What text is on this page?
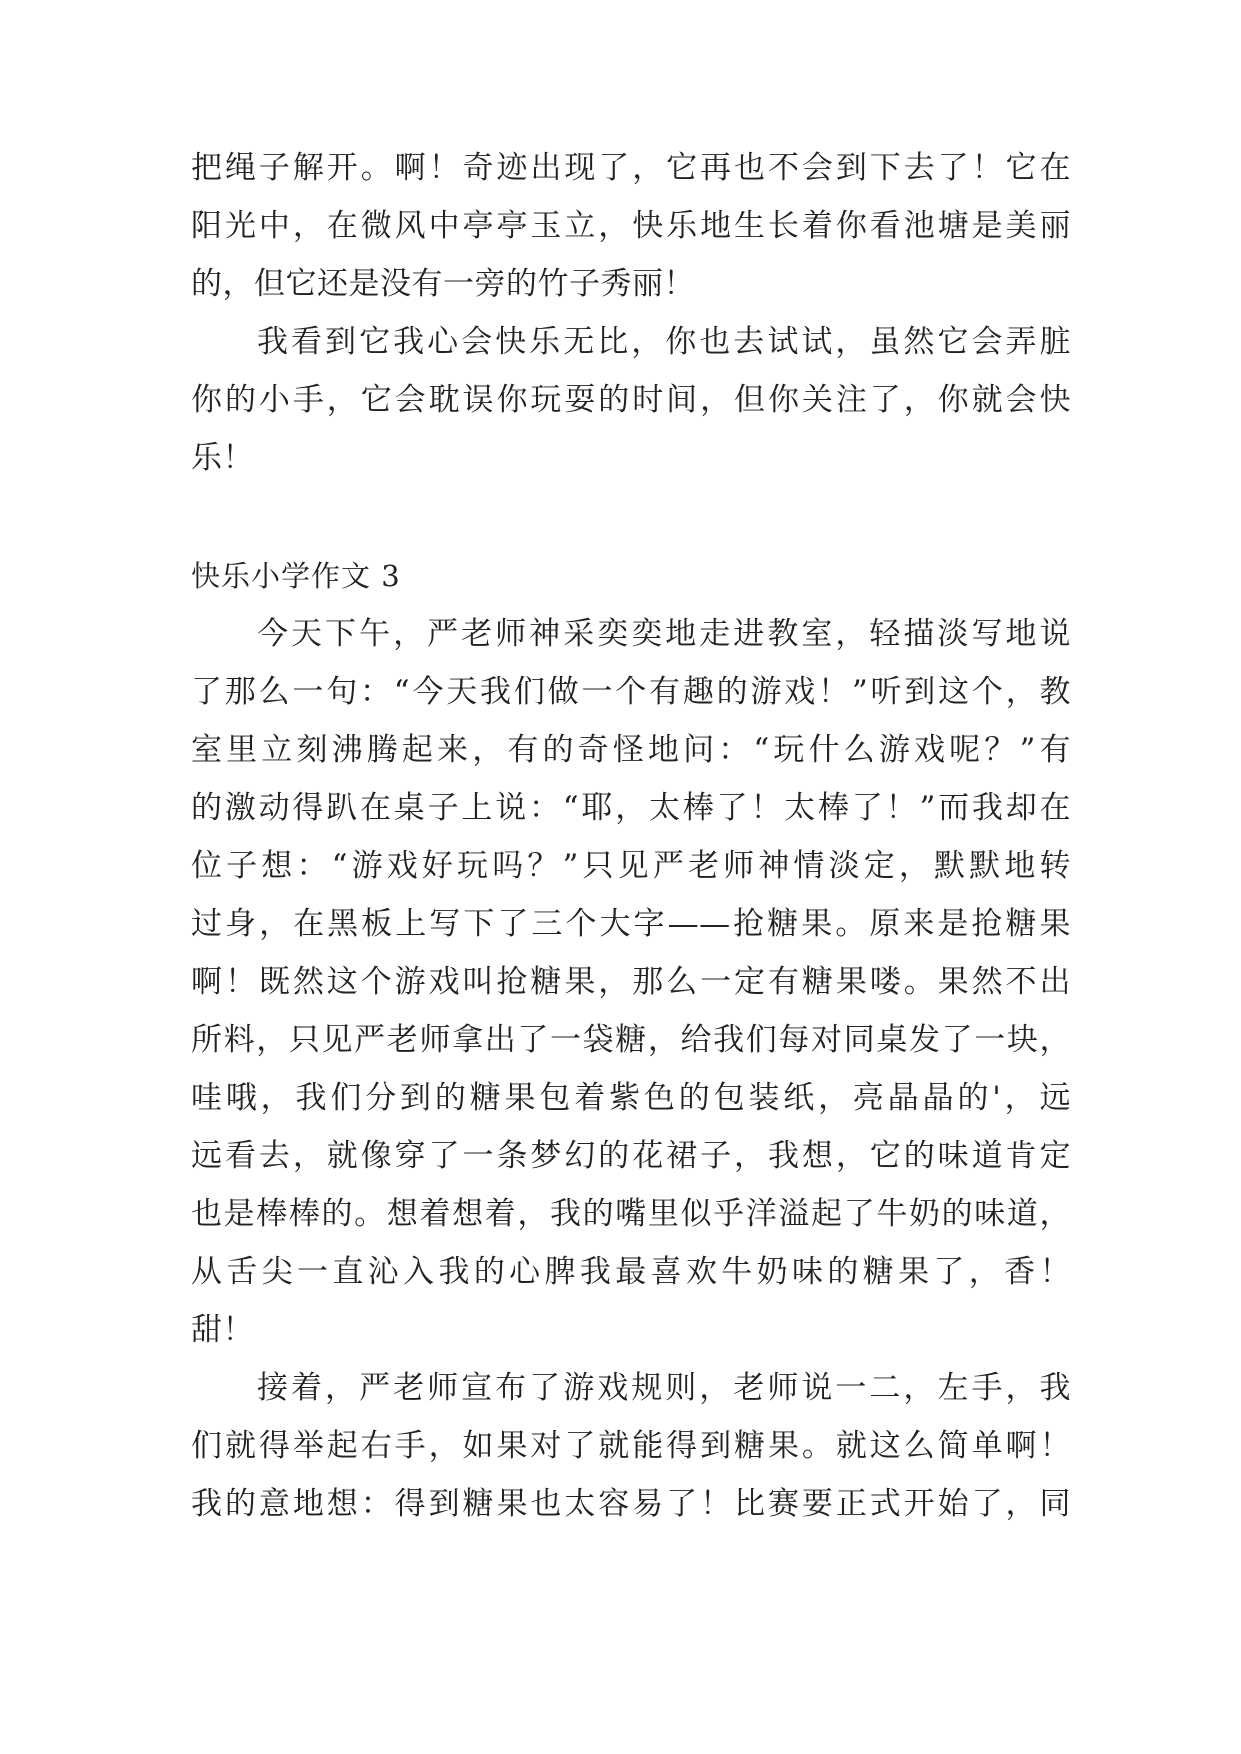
把绳子解开。啊！奇迹出现了，它再也不会到下去了！它在
阳光中，在微风中亭亭玉立，快乐地生长着你看池塘是美丽
的，但它还是没有一旁的竹子秀丽！
我看到它我心会快乐无比，你也去试试，虽然它会弄脏
你的小手，它会耽误你玩耍的时间，但你关注了，你就会快
乐！
快乐小学作文 3
今天下午，严老师神采奕奕地走进教室，轻描淡写地说
了那么一句：“今天我们做一个有趣的游戏！”听到这个，教
室里立刻沸腾起来，有的奇怪地问：“玩什么游戏呢？”有
的激动得趴在桌子上说：“耶，太棒了！太棒了！”而我却在
位子想：“游戏好玩吗？”只见严老师神情淡定，默默地转
过身，在黑板上写下了三个大字——抢糖果。原来是抢糖果
啊！既然这个游戏叫抢糖果，那么一定有糖果喽。果然不出
所料，只见严老师拿出了一袋糖，给我们每对同桌发了一块，
哇哦，我们分到的糖果包着紫色的包装纸，亮晶晶的'，远
远看去，就像穿了一条梦幻的花裙子，我想，它的味道肯定
也是棒棒的。想着想着，我的嘴里似乎洋溢起了牛奶的味道，
从舌尖一直沁入我的心脾我最喜欢牛奶味的糖果了，香！
甜！
接着，严老师宣布了游戏规则，老师说一二，左手，我
们就得举起右手，如果对了就能得到糖果。就这么简单啊！
我的意地想：得到糖果也太容易了！比赛要正式开始了，同
